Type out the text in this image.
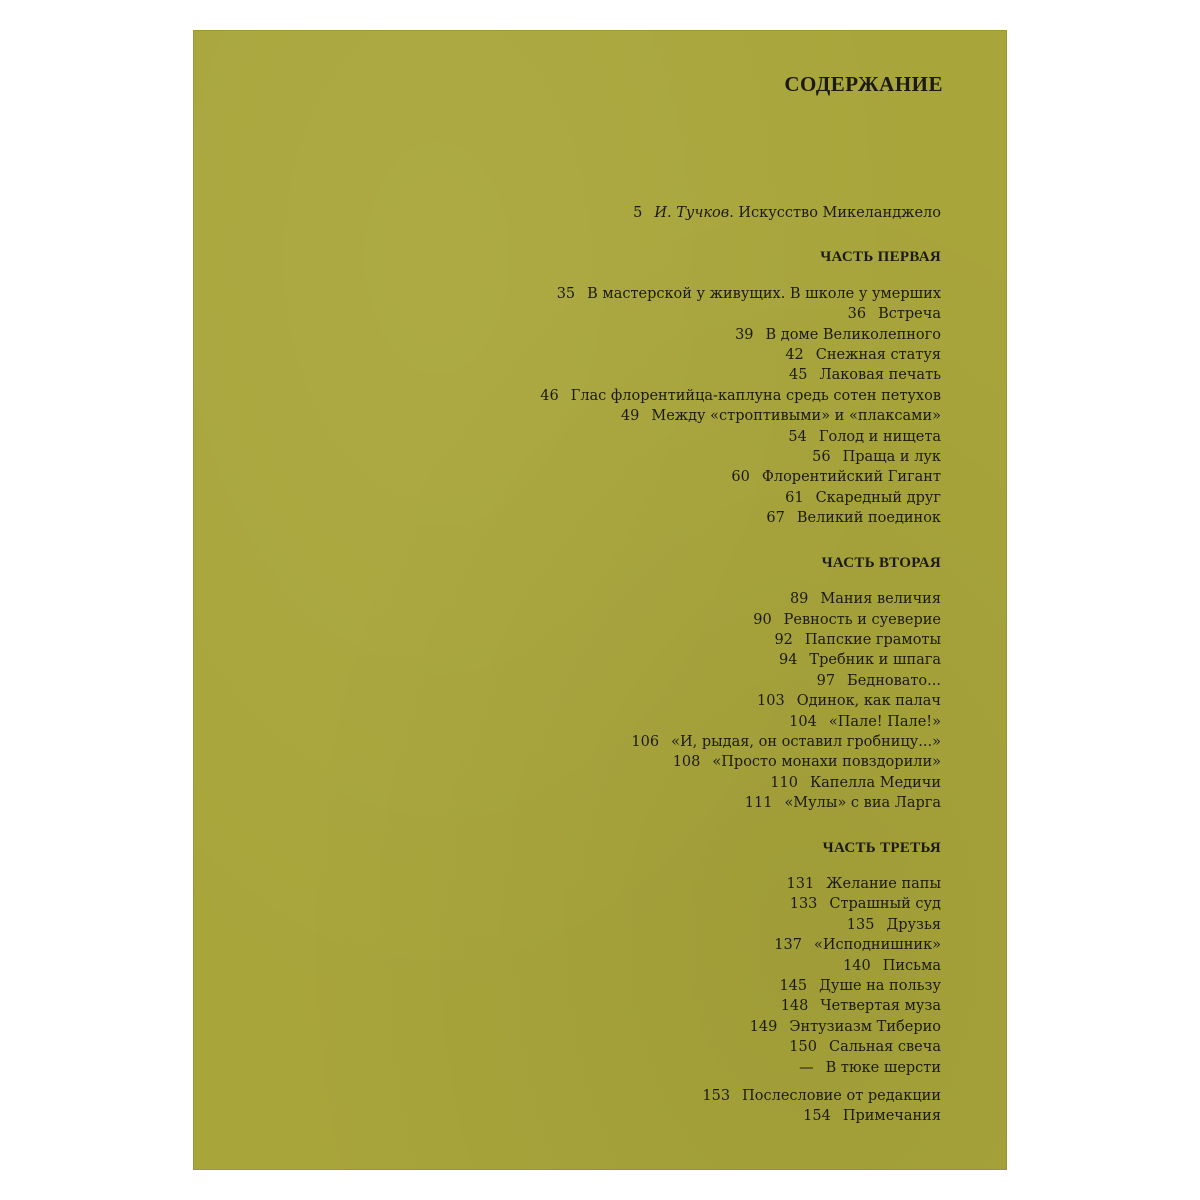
СОДЕРЖАНИЕ
5 И. Тучков. Искусство Микеланджело
ЧАСТЬ ПЕРВАЯ
35 В мастерской у живущих. В школе у умерших
36 Встреча
39 В доме Великолепного
42 Снежная статуя
45 Лаковая печать
46 Глас флорентийца-каплуна средь сотен петухов
49 Между «строптивыми» и «плаксами»
54 Голод и нищета
56 Праща и лук
60 Флорентийский Гигант
61 Скаредный друг
67 Великий поединок
ЧАСТЬ ВТОРАЯ
89 Мания величия
90 Ревность и суеверие
92 Папские грамоты
94 Требник и шпага
97 Бедновато...
103 Одинок, как палач
104 «Пале! Пале!»
106 «И, рыдая, он оставил гробницу...»
108 «Просто монахи повздорили»
110 Капелла Медичи
111 «Мулы» с виа Ларга
ЧАСТЬ ТРЕТЬЯ
131 Желание папы
133 Страшный суд
135 Друзья
137 «Исподнишник»
140 Письма
145 Душе на пользу
148 Четвертая муза
149 Энтузиазм Тиберио
150 Сальная свеча
— В тюке шерсти
153 Послесловие от редакции
154 Примечания
